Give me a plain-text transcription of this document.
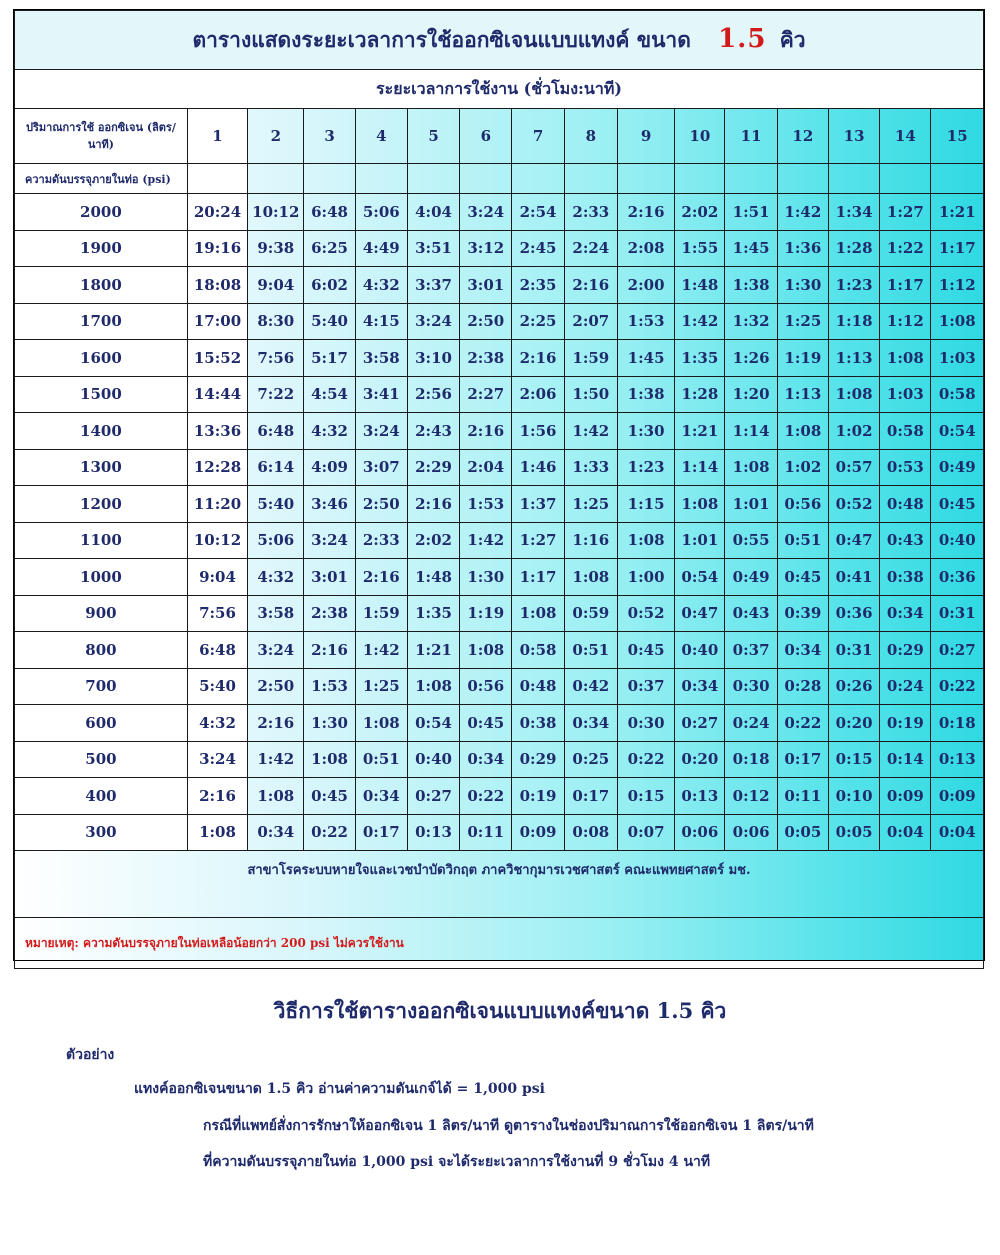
ตารางแสดงระยะเวลาการใช้ออกซิเจนแบบแทงค์ ขนาด 1.5 คิว															
ระยะเวลาการใช้งาน (ชั่วโมง:นาที)															
ปริมาณการใช้ ออกซิเจน (ลิตร/นาที)	1	2	3	4	5	6	7	8	9	10	11	12	13	14	15
ความดันบรรจุภายในท่อ (psi)															
2000	20:24	10:12	6:48	5:06	4:04	3:24	2:54	2:33	2:16	2:02	1:51	1:42	1:34	1:27	1:21
1900	19:16	9:38	6:25	4:49	3:51	3:12	2:45	2:24	2:08	1:55	1:45	1:36	1:28	1:22	1:17
1800	18:08	9:04	6:02	4:32	3:37	3:01	2:35	2:16	2:00	1:48	1:38	1:30	1:23	1:17	1:12
1700	17:00	8:30	5:40	4:15	3:24	2:50	2:25	2:07	1:53	1:42	1:32	1:25	1:18	1:12	1:08
1600	15:52	7:56	5:17	3:58	3:10	2:38	2:16	1:59	1:45	1:35	1:26	1:19	1:13	1:08	1:03
1500	14:44	7:22	4:54	3:41	2:56	2:27	2:06	1:50	1:38	1:28	1:20	1:13	1:08	1:03	0:58
1400	13:36	6:48	4:32	3:24	2:43	2:16	1:56	1:42	1:30	1:21	1:14	1:08	1:02	0:58	0:54
1300	12:28	6:14	4:09	3:07	2:29	2:04	1:46	1:33	1:23	1:14	1:08	1:02	0:57	0:53	0:49
1200	11:20	5:40	3:46	2:50	2:16	1:53	1:37	1:25	1:15	1:08	1:01	0:56	0:52	0:48	0:45
1100	10:12	5:06	3:24	2:33	2:02	1:42	1:27	1:16	1:08	1:01	0:55	0:51	0:47	0:43	0:40
1000	9:04	4:32	3:01	2:16	1:48	1:30	1:17	1:08	1:00	0:54	0:49	0:45	0:41	0:38	0:36
900	7:56	3:58	2:38	1:59	1:35	1:19	1:08	0:59	0:52	0:47	0:43	0:39	0:36	0:34	0:31
800	6:48	3:24	2:16	1:42	1:21	1:08	0:58	0:51	0:45	0:40	0:37	0:34	0:31	0:29	0:27
700	5:40	2:50	1:53	1:25	1:08	0:56	0:48	0:42	0:37	0:34	0:30	0:28	0:26	0:24	0:22
600	4:32	2:16	1:30	1:08	0:54	0:45	0:38	0:34	0:30	0:27	0:24	0:22	0:20	0:19	0:18
500	3:24	1:42	1:08	0:51	0:40	0:34	0:29	0:25	0:22	0:20	0:18	0:17	0:15	0:14	0:13
400	2:16	1:08	0:45	0:34	0:27	0:22	0:19	0:17	0:15	0:13	0:12	0:11	0:10	0:09	0:09
300	1:08	0:34	0:22	0:17	0:13	0:11	0:09	0:08	0:07	0:06	0:06	0:05	0:05	0:04	0:04
สาขาโรคระบบหายใจและเวชบำบัดวิกฤต ภาควิชากุมารเวชศาสตร์ คณะแพทยศาสตร์ มช.															
หมายเหตุ: ความดันบรรจุภายในท่อเหลือน้อยกว่า 200 psi ไม่ควรใช้งาน															
วิธีการใช้ตารางออกซิเจนแบบแทงค์ขนาด 1.5 คิว
ตัวอย่าง
แทงค์ออกซิเจนขนาด 1.5 คิว อ่านค่าความดันเกจ์ได้ = 1,000 psi
กรณีที่แพทย์สั่งการรักษาให้ออกซิเจน 1 ลิตร/นาที ดูตารางในช่องปริมาณการใช้ออกซิเจน 1 ลิตร/นาที
ที่ความดันบรรจุภายในท่อ 1,000 psi จะได้ระยะเวลาการใช้งานที่ 9 ชั่วโมง 4 นาที
